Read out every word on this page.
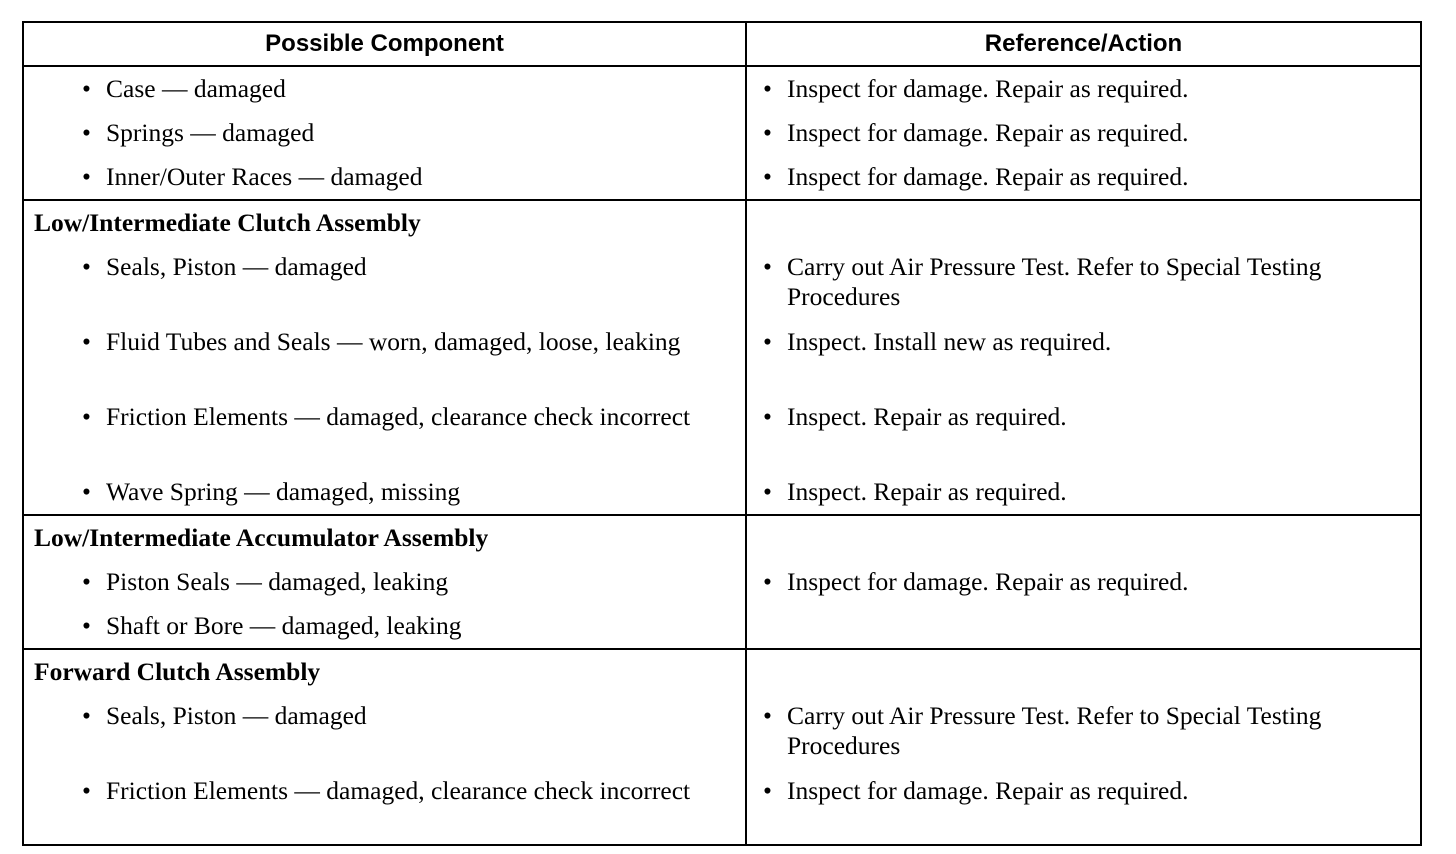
Possible Component	Reference/Action

• Case — damaged	• Inspect for damage. Repair as required.

• Springs — damaged	• Inspect for damage. Repair as required.

• Inner/Outer Races — damaged	• Inspect for damage. Repair as required.

Low/Intermediate Clutch Assembly	

• Seals, Piston — damaged	• Carry out Air Pressure Test. Refer to Special Testing Procedures

• Fluid Tubes and Seals — worn, damaged, loose, leaking	• Inspect. Install new as required.

• Friction Elements — damaged, clearance check incorrect	• Inspect. Repair as required.

• Wave Spring — damaged, missing	• Inspect. Repair as required.

Low/Intermediate Accumulator Assembly	

• Piston Seals — damaged, leaking	• Inspect for damage. Repair as required.

• Shaft or Bore — damaged, leaking	

Forward Clutch Assembly	

• Seals, Piston — damaged	• Carry out Air Pressure Test. Refer to Special Testing Procedures

• Friction Elements — damaged, clearance check incorrect	• Inspect for damage. Repair as required.
